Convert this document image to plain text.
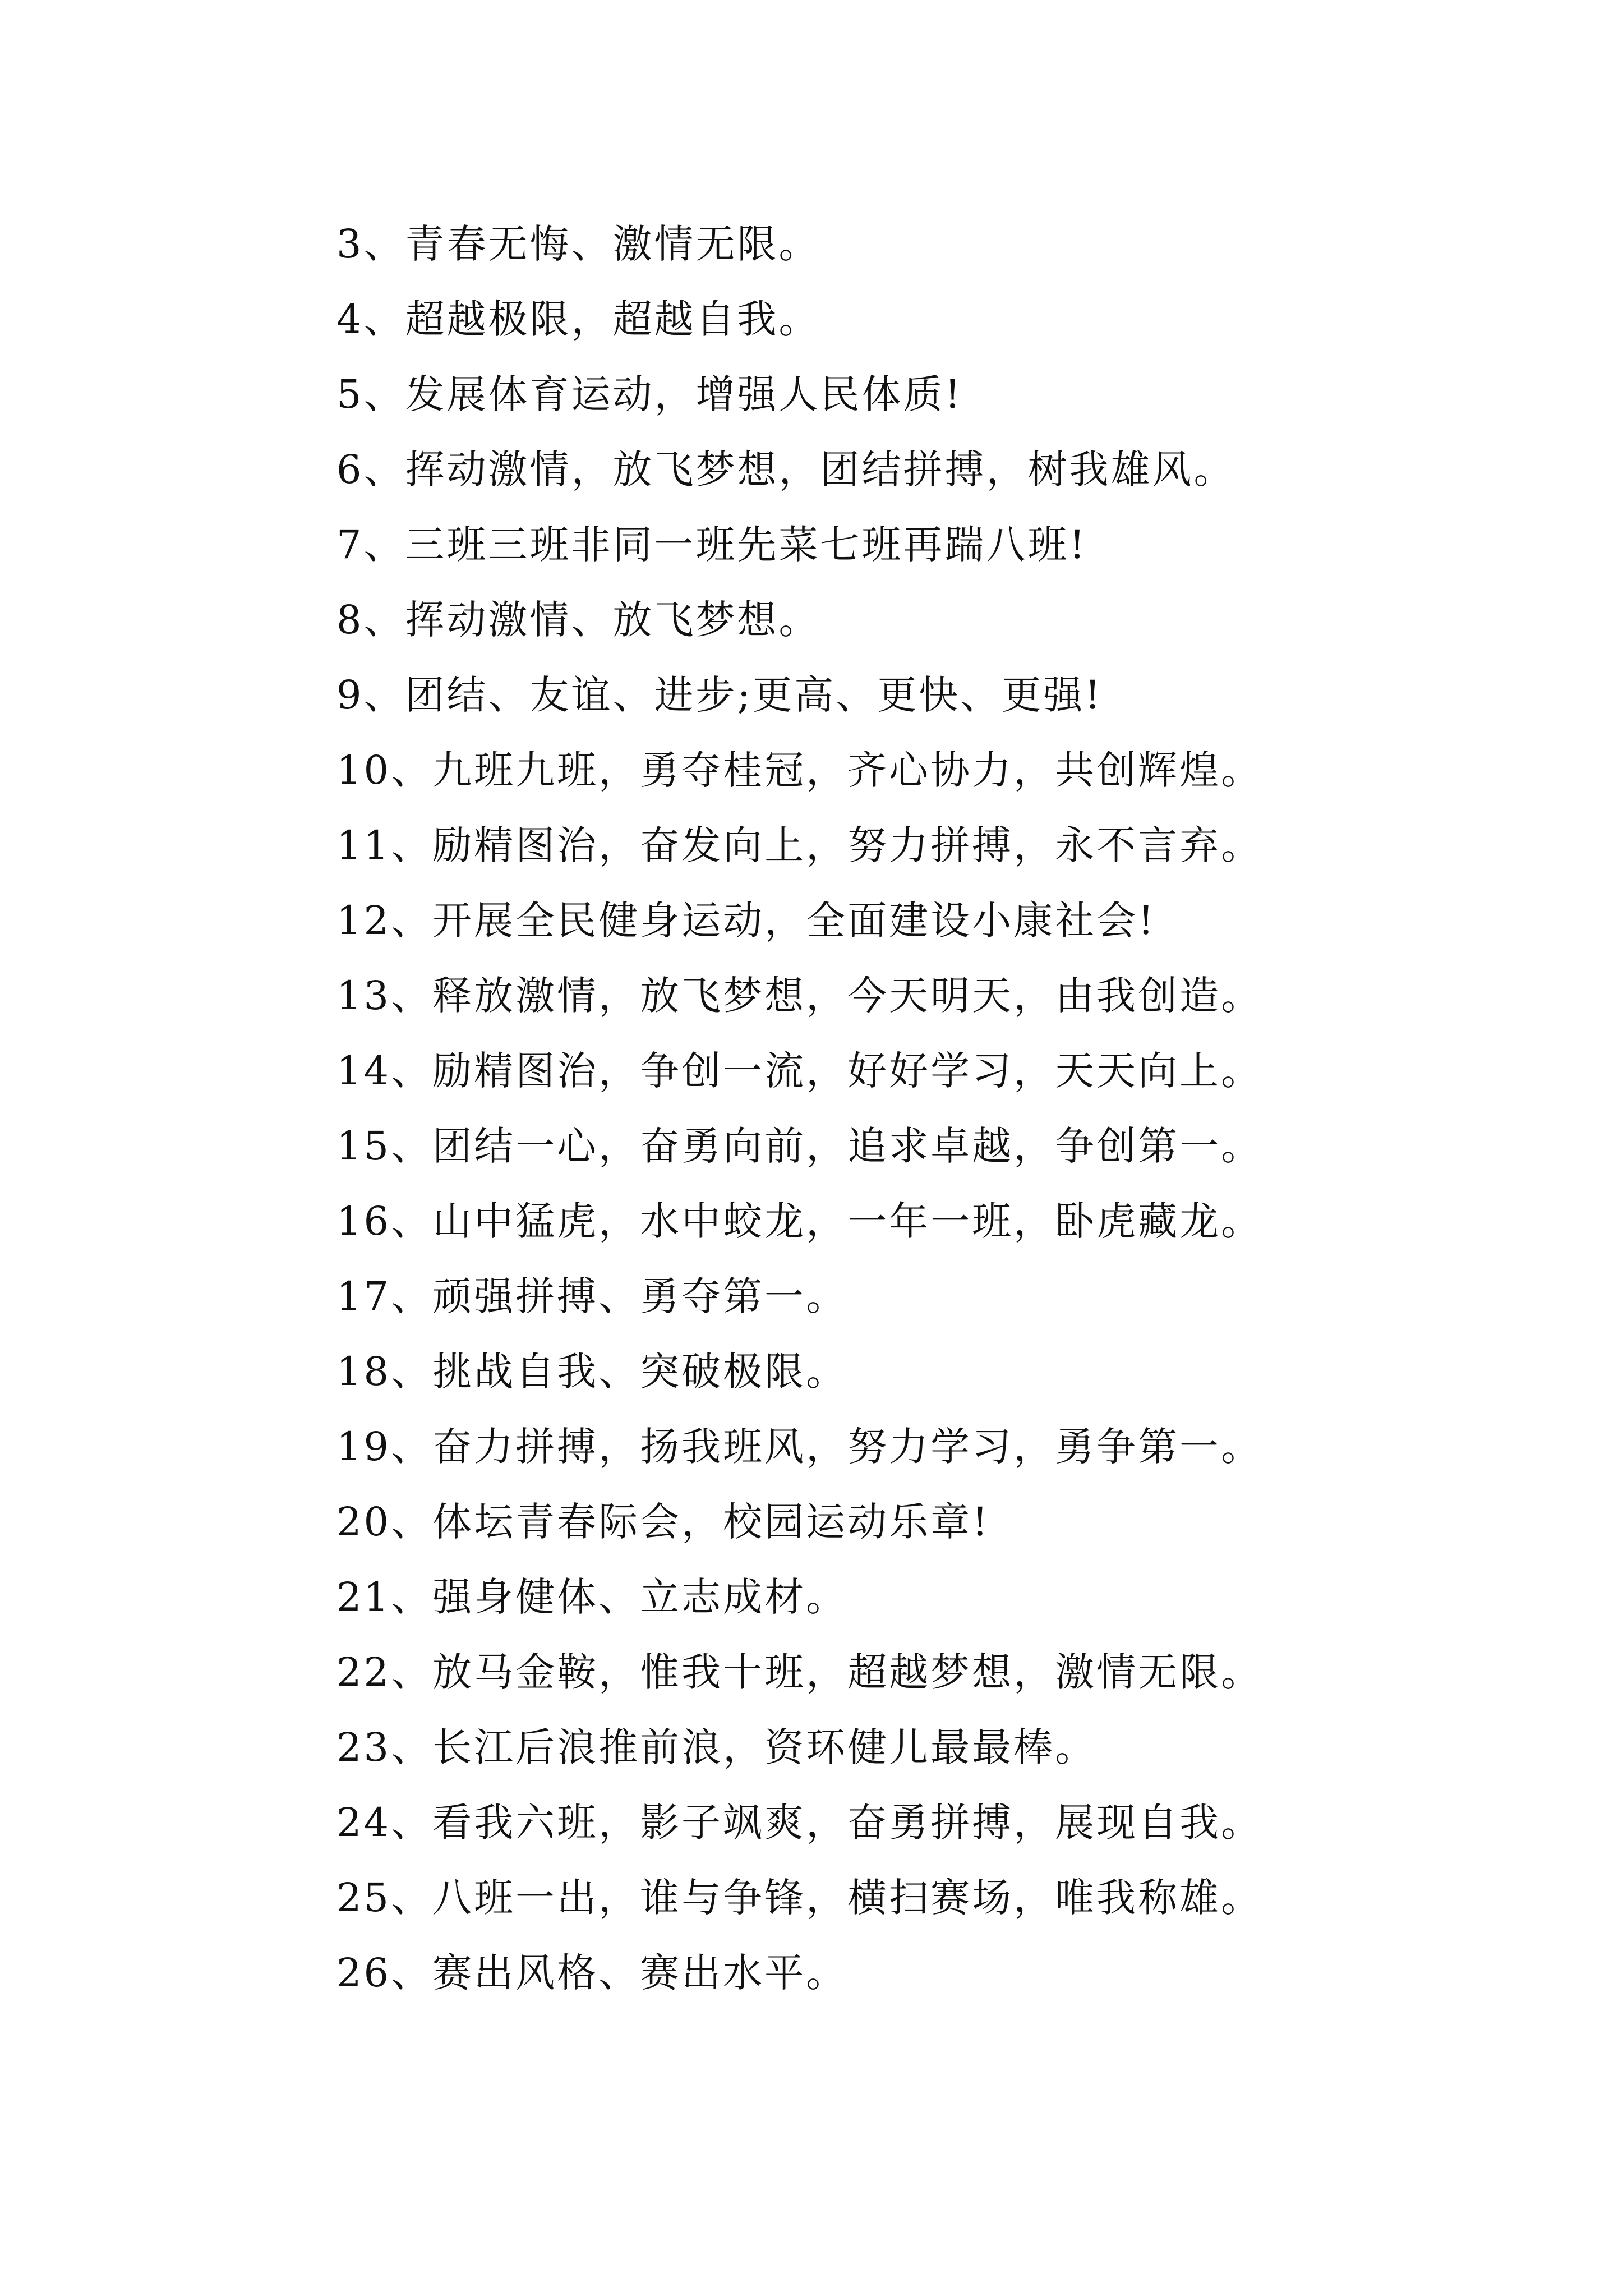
3、青春无悔、激情无限。
4、超越极限，超越自我。
5、发展体育运动，增强人民体质!
6、挥动激情，放飞梦想，团结拼搏，树我雄风。
7、三班三班非同一班先菜七班再踹八班!
8、挥动激情、放飞梦想。
9、团结、友谊、进步;更高、更快、更强!
10、九班九班，勇夺桂冠，齐心协力，共创辉煌。
11、励精图治，奋发向上，努力拼搏，永不言弃。
12、开展全民健身运动，全面建设小康社会!
13、释放激情，放飞梦想，今天明天，由我创造。
14、励精图治，争创一流，好好学习，天天向上。
15、团结一心，奋勇向前，追求卓越，争创第一。
16、山中猛虎，水中蛟龙，一年一班，卧虎藏龙。
17、顽强拼搏、勇夺第一。
18、挑战自我、突破极限。
19、奋力拼搏，扬我班风，努力学习，勇争第一。
20、体坛青春际会，校园运动乐章!
21、强身健体、立志成材。
22、放马金鞍，惟我十班，超越梦想，激情无限。
23、长江后浪推前浪，资环健儿最最棒。
24、看我六班，影子飒爽，奋勇拼搏，展现自我。
25、八班一出，谁与争锋，横扫赛场，唯我称雄。
26、赛出风格、赛出水平。
